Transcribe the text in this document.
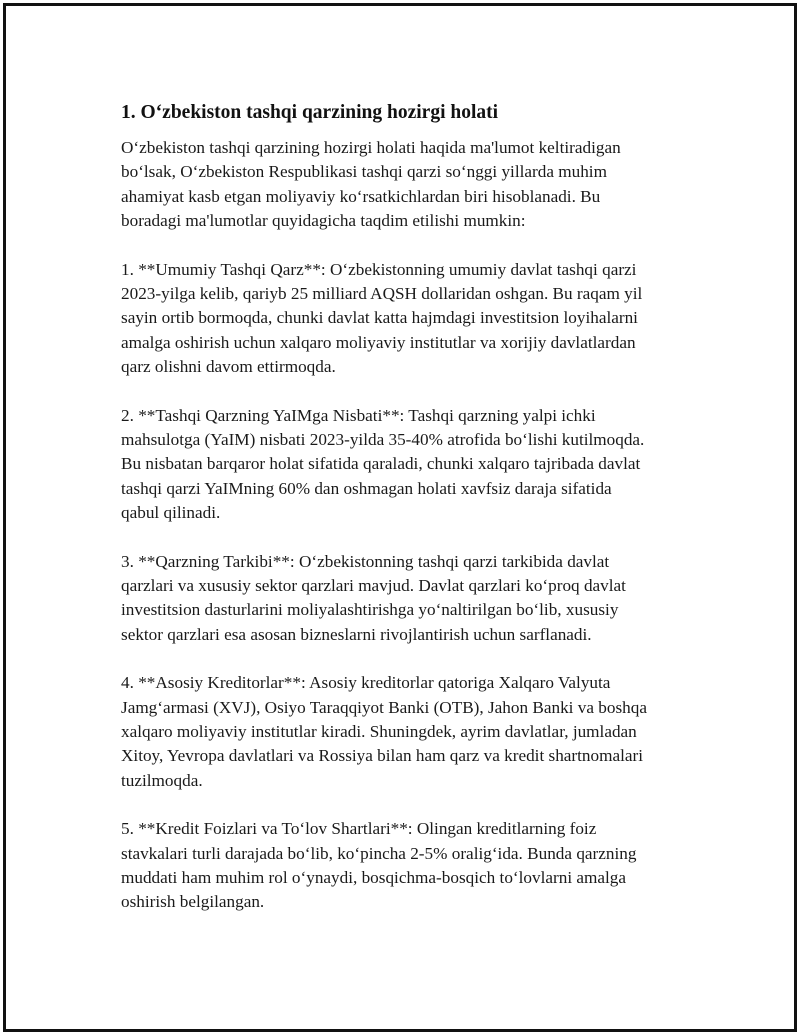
1. O‘zbekiston tashqi qarzining hozirgi holati

O‘zbekiston tashqi qarzining hozirgi holati haqida ma'lumot keltiradigan
bo‘lsak, O‘zbekiston Respublikasi tashqi qarzi so‘nggi yillarda muhim
ahamiyat kasb etgan moliyaviy ko‘rsatkichlardan biri hisoblanadi. Bu
boradagi ma'lumotlar quyidagicha taqdim etilishi mumkin:

1. **Umumiy Tashqi Qarz**: O‘zbekistonning umumiy davlat tashqi qarzi
2023-yilga kelib, qariyb 25 milliard AQSH dollaridan oshgan. Bu raqam yil
sayin ortib bormoqda, chunki davlat katta hajmdagi investitsion loyihalarni
amalga oshirish uchun xalqaro moliyaviy institutlar va xorijiy davlatlardan
qarz olishni davom ettirmoqda.

2. **Tashqi Qarzning YaIMga Nisbati**: Tashqi qarzning yalpi ichki
mahsulotga (YaIM) nisbati 2023-yilda 35-40% atrofida bo‘lishi kutilmoqda.
Bu nisbatan barqaror holat sifatida qaraladi, chunki xalqaro tajribada davlat
tashqi qarzi YaIMning 60% dan oshmagan holati xavfsiz daraja sifatida
qabul qilinadi.

3. **Qarzning Tarkibi**: O‘zbekistonning tashqi qarzi tarkibida davlat
qarzlari va xususiy sektor qarzlari mavjud. Davlat qarzlari ko‘proq davlat
investitsion dasturlarini moliyalashtirishga yo‘naltirilgan bo‘lib, xususiy
sektor qarzlari esa asosan bizneslarni rivojlantirish uchun sarflanadi.

4. **Asosiy Kreditorlar**: Asosiy kreditorlar qatoriga Xalqaro Valyuta
Jamg‘armasi (XVJ), Osiyo Taraqqiyot Banki (OTB), Jahon Banki va boshqa
xalqaro moliyaviy institutlar kiradi. Shuningdek, ayrim davlatlar, jumladan
Xitoy, Yevropa davlatlari va Rossiya bilan ham qarz va kredit shartnomalari
tuzilmoqda.

5. **Kredit Foizlari va To‘lov Shartlari**: Olingan kreditlarning foiz
stavkalari turli darajada bo‘lib, ko‘pincha 2-5% oralig‘ida. Bunda qarzning
muddati ham muhim rol o‘ynaydi, bosqichma-bosqich to‘lovlarni amalga
oshirish belgilangan.
